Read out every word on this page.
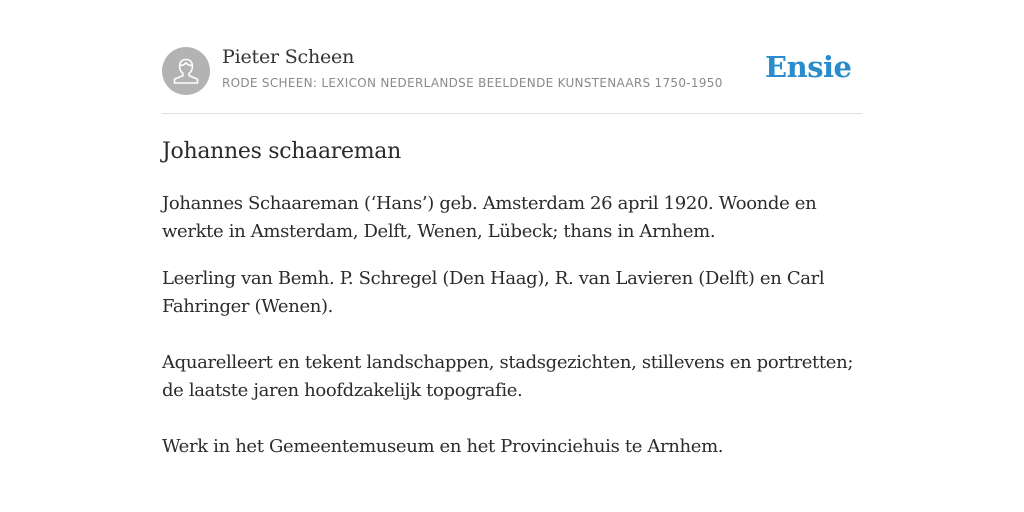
Pieter Scheen
RODE SCHEEN: LEXICON NEDERLANDSE BEELDENDE KUNSTENAARS 1750-1950 Ensie
Johannes schaareman

Johannes Schaareman (‘Hans’) geb. Amsterdam 26 april 1920. Woonde en werkte in Amsterdam, Delft, Wenen, Lübeck; thans in Arnhem.

Leerling van Bemh. P. Schregel (Den Haag), R. van Lavieren (Delft) en Carl Fahringer (Wenen).

Aquarelleert en tekent landschappen, stadsgezichten, stillevens en portretten; de laatste jaren hoofdzakelijk topografie.

Werk in het Gemeentemuseum en het Provinciehuis te Arnhem.
